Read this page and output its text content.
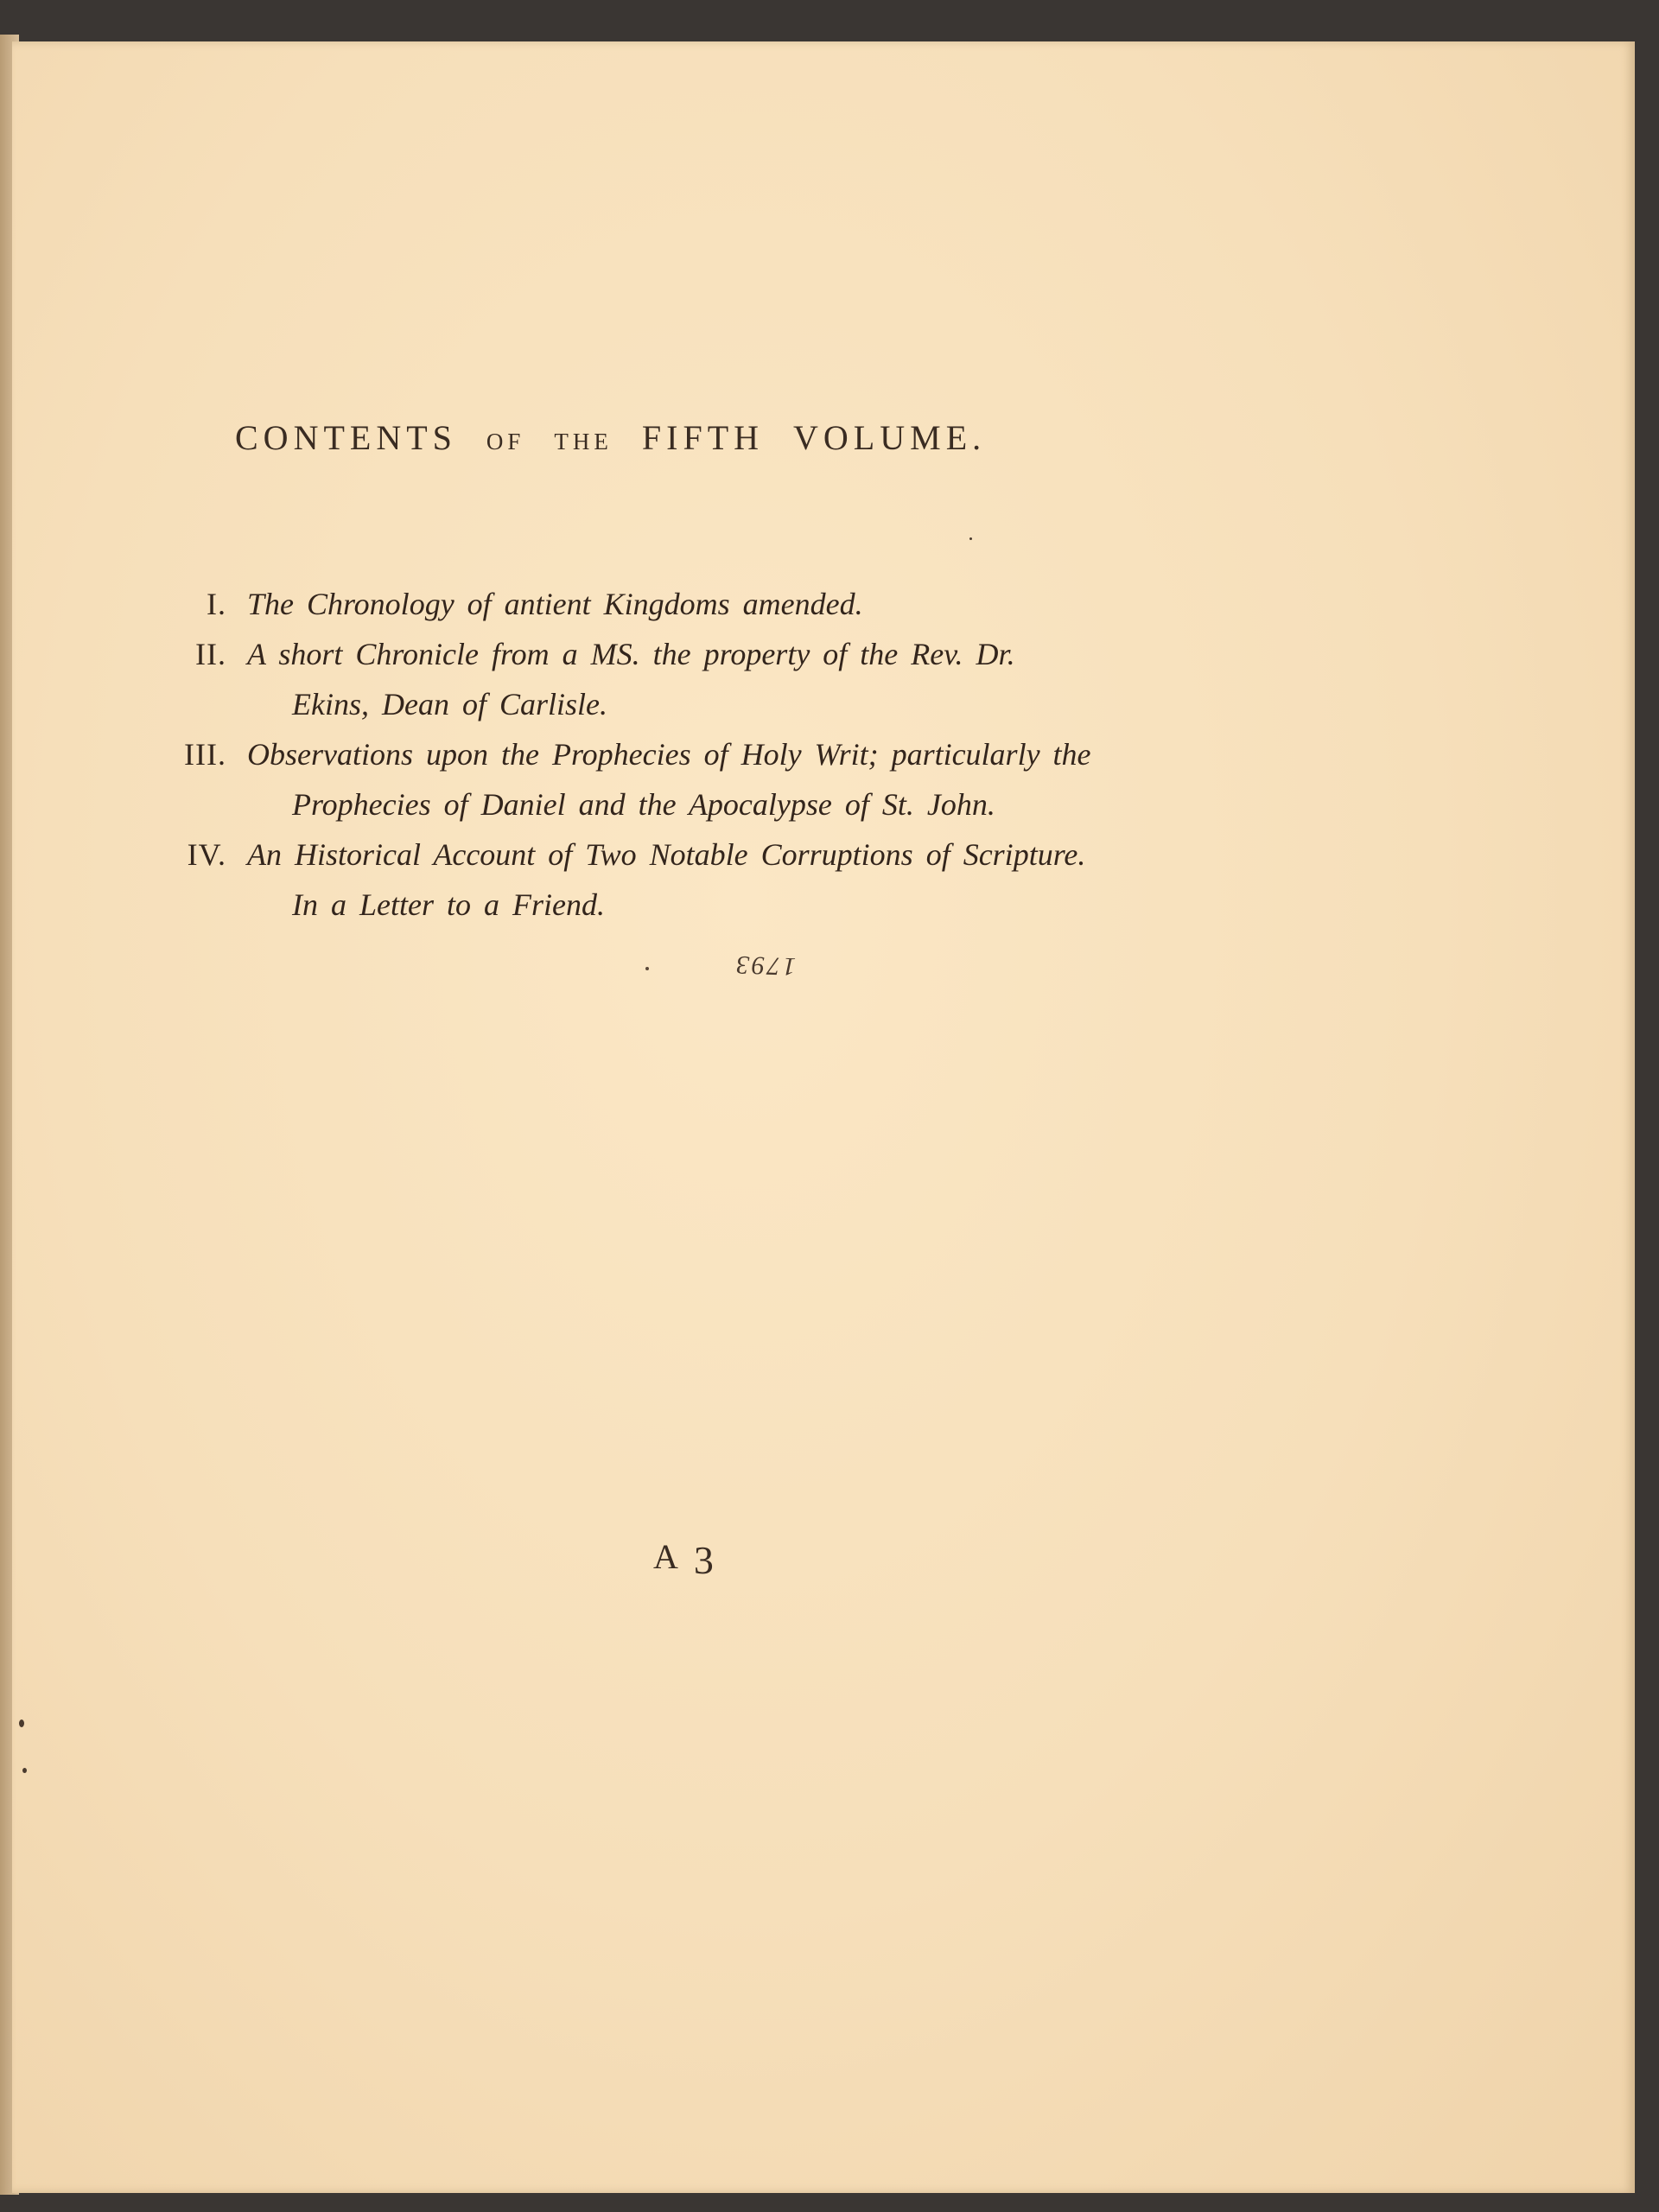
CONTENTS OF THE FIFTH VOLUME.
I. The Chronology of antient Kingdoms amended.
II. A short Chronicle from a MS. the property of the Rev. Dr.
Ekins, Dean of Carlisle.
III. Observations upon the Prophecies of Holy Writ; particularly the
Prophecies of Daniel and the Apocalypse of St. John.
IV. An Historical Account of Two Notable Corruptions of Scripture.
In a Letter to a Friend.
1793
A3
